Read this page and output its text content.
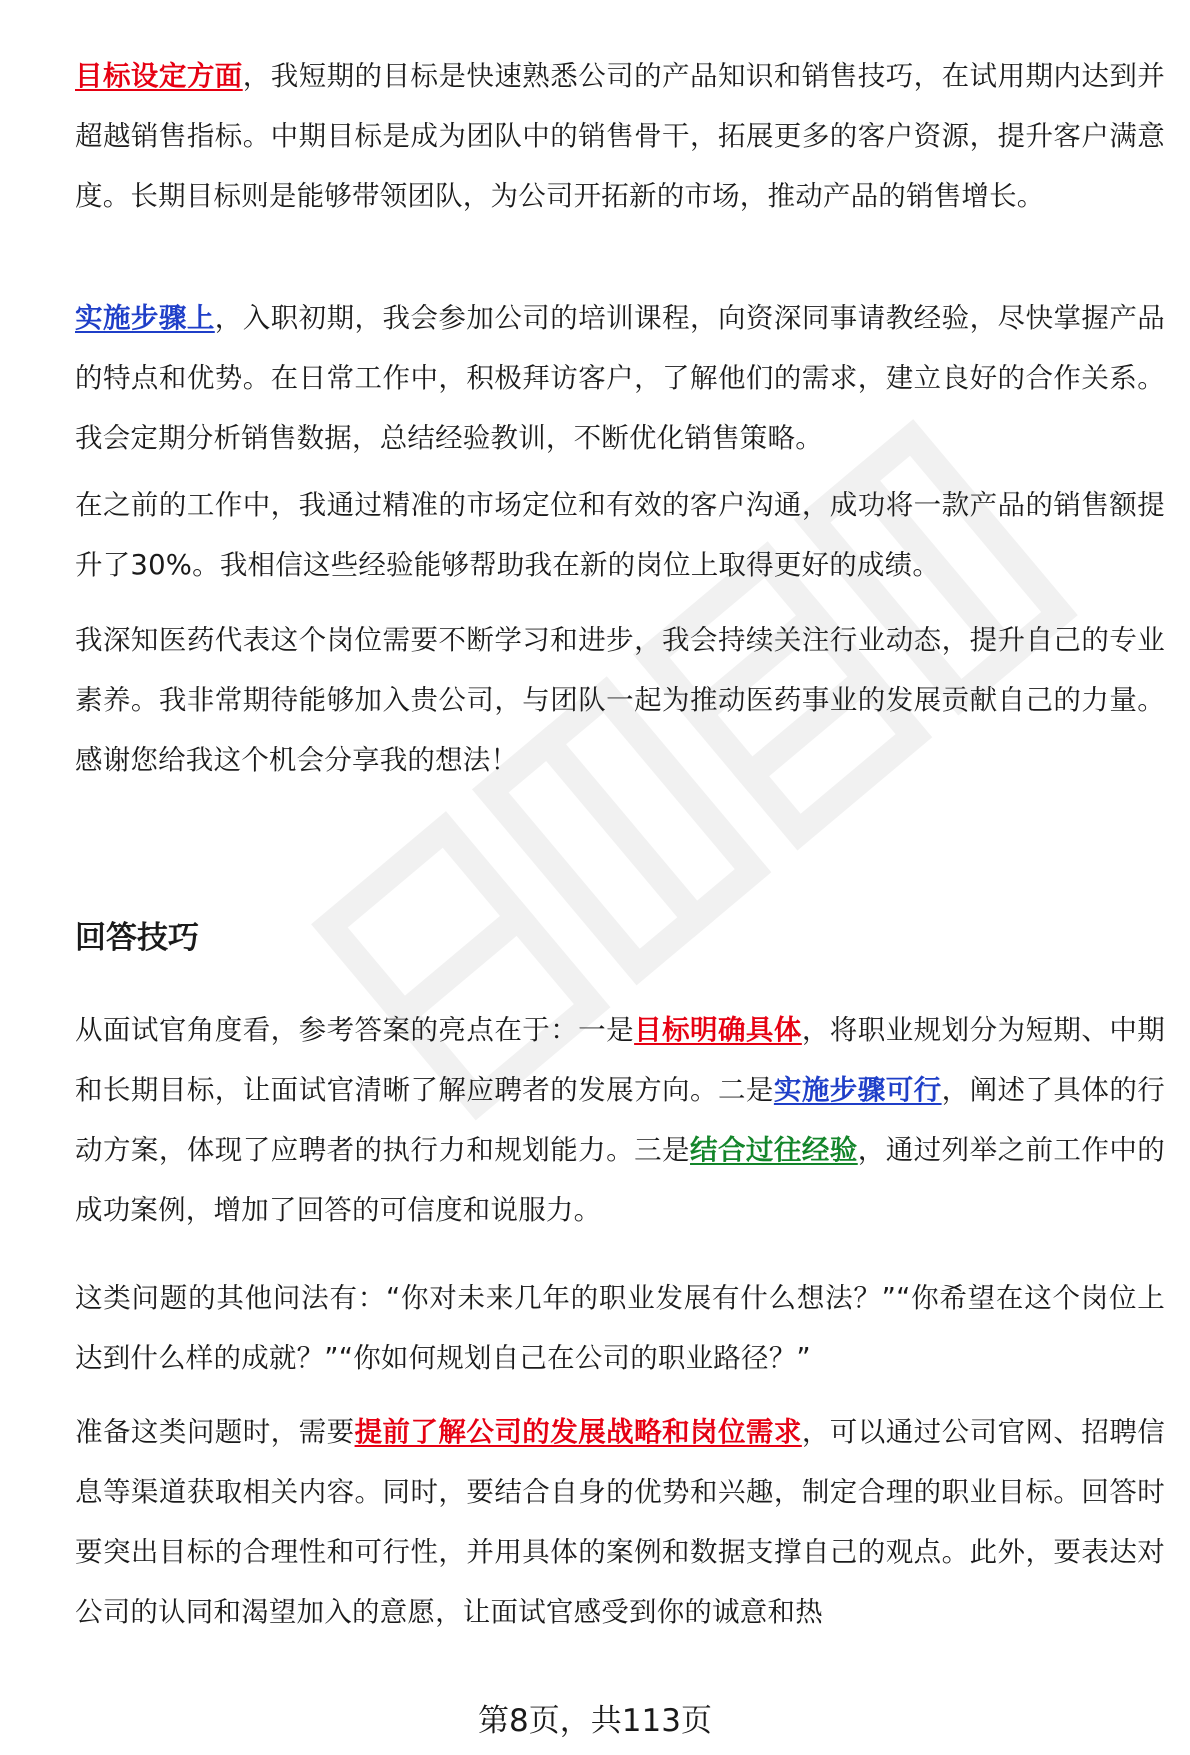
目标设定方面，我短期的目标是快速熟悉公司的产品知识和销售技巧，在试用期内达到并超越销售指标。中期目标是成为团队中的销售骨干，拓展更多的客户资源，提升客户满意度。长期目标则是能够带领团队，为公司开拓新的市场，推动产品的销售增长。

实施步骤上，入职初期，我会参加公司的培训课程，向资深同事请教经验，尽快掌握产品的特点和优势。在日常工作中，积极拜访客户，了解他们的需求，建立良好的合作关系。我会定期分析销售数据，总结经验教训，不断优化销售策略。

在之前的工作中，我通过精准的市场定位和有效的客户沟通，成功将一款产品的销售额提升了30%。我相信这些经验能够帮助我在新的岗位上取得更好的成绩。

我深知医药代表这个岗位需要不断学习和进步，我会持续关注行业动态，提升自己的专业素养。我非常期待能够加入贵公司，与团队一起为推动医药事业的发展贡献自己的力量。感谢您给我这个机会分享我的想法！

回答技巧

从面试官角度看，参考答案的亮点在于：一是目标明确具体，将职业规划分为短期、中期和长期目标，让面试官清晰了解应聘者的发展方向。二是实施步骤可行，阐述了具体的行动方案，体现了应聘者的执行力和规划能力。三是结合过往经验，通过列举之前工作中的成功案例，增加了回答的可信度和说服力。

这类问题的其他问法有：“你对未来几年的职业发展有什么想法？”“你希望在这个岗位上达到什么样的成就？”“你如何规划自己在公司的职业路径？”

准备这类问题时，需要提前了解公司的发展战略和岗位需求，可以通过公司官网、招聘信息等渠道获取相关内容。同时，要结合自身的优势和兴趣，制定合理的职业目标。回答时要突出目标的合理性和可行性，并用具体的案例和数据支撑自己的观点。此外，要表达对公司的认同和渴望加入的意愿，让面试官感受到你的诚意和热

第8页，共113页
